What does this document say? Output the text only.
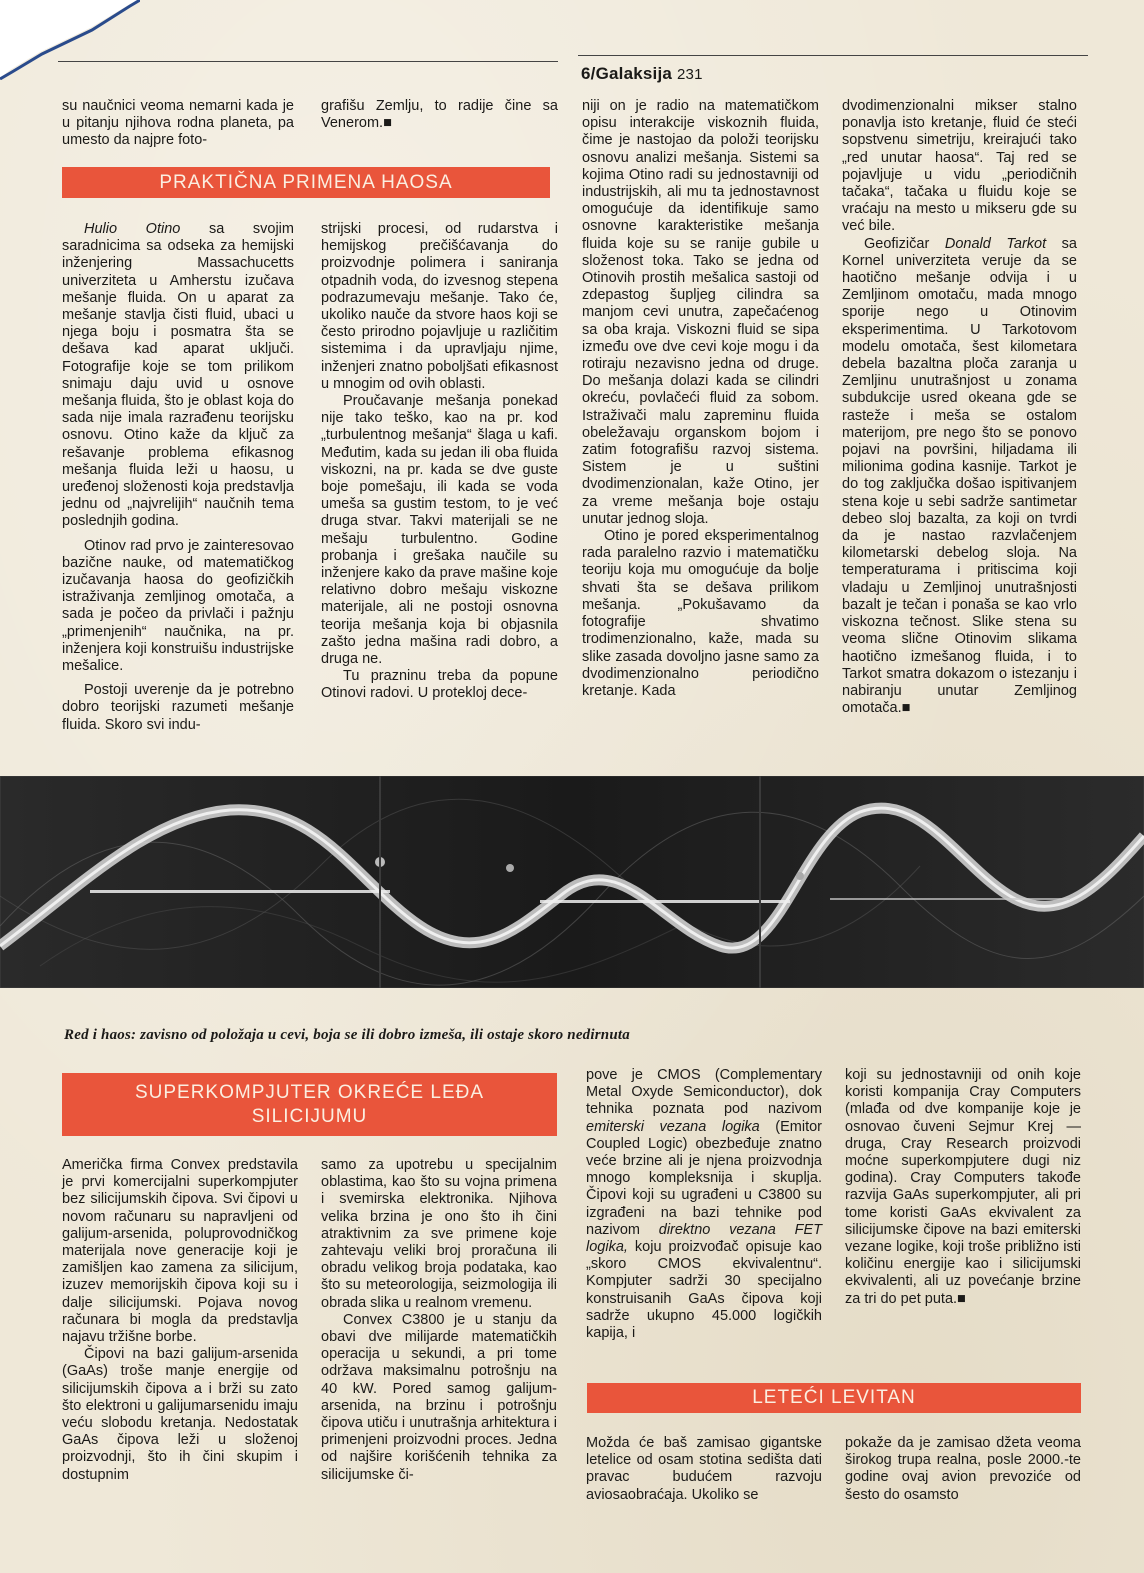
6/Galaksija 231

su naučnici veoma nemarni kada je u pitanju njihova rodna planeta, pa umesto da najpre foto-

grafišu Zemlju, to radije čine sa Venerom.■

PRAKTIČNA PRIMENA HAOSA

Hulio Otino sa svojim saradnicima sa odseka za hemijski inženjering Massachucetts univerziteta u Amherstu izučava mešanje fluida. On u aparat za mešanje stavlja čisti fluid, ubaci u njega boju i posmatra šta se dešava kad aparat uključi. Fotografije koje se tom prilikom snimaju daju uvid u osnove mešanja fluida, što je oblast koja do sada nije imala razrađenu teorijsku osnovu. Otino kaže da ključ za rešavanje problema efikasnog mešanja fluida leži u haosu, u uređenoj složenosti koja predstavlja jednu od „najvrelijih“ naučnih tema poslednjih godina.

Otinov rad prvo je zainteresovao bazične nauke, od matematičkog izučavanja haosa do geofizičkih istraživanja zemljinog omotača, a sada je počeo da privlači i pažnju „primenjenih“ naučnika, na pr. inženjera koji konstruišu industrijske mešalice.

Postoji uverenje da je potrebno dobro teorijski razumeti mešanje fluida. Skoro svi indu-

strijski procesi, od rudarstva i hemijskog prečišćavanja do proizvodnje polimera i saniranja otpadnih voda, do izvesnog stepena podrazumevaju mešanje. Tako će, ukoliko nauče da stvore haos koji se često prirodno pojavljuje u različitim sistemima i da upravljaju njime, inženjeri znatno poboljšati efikasnost u mnogim od ovih oblasti.

Proučavanje mešanja ponekad nije tako teško, kao na pr. kod „turbulentnog mešanja“ šlaga u kafi. Međutim, kada su jedan ili oba fluida viskozni, na pr. kada se dve guste boje pomešaju, ili kada se voda umeša sa gustim testom, to je već druga stvar. Takvi materijali se ne mešaju turbulentno. Godine probanja i grešaka naučile su inženjere kako da prave mašine koje relativno dobro mešaju viskozne materijale, ali ne postoji osnovna teorija mešanja koja bi objasnila zašto jedna mašina radi dobro, a druga ne.

Tu prazninu treba da popune Otinovi radovi. U proteklој decе-

niji on je radio na matematičkom opisu interakcije viskoznih fluida, čime je nastojao da položi teorijsku osnovu analizi mešanja. Sistemi sa kojima Otino radi su jednostavniji od industrijskih, ali mu ta jednostavnost omogućuje da identifikuje samo osnovne karakteristike mešanja fluida koje su se ranije gubile u složenost toka. Tako se jedna od Otinovih prostih mešalica sastoji od zdepastog šupljeg cilindra sa manjom cevi unutra, zapečaćenog sa oba kraja. Viskozni fluid se sipa između ove dve cevi koje mogu i da rotiraju nezavisno jedna od druge. Do mešanja dolazi kada se cilindri okreću, povlačeći fluid za sobom. Istraživači malu zapreminu fluida obeležavaju organskom bojom i zatim fotografišu razvoj sistema. Sistem je u suštini dvodimenzionalan, kaže Otino, jer za vreme mešanja boje ostaju unutar jednog sloja.

Otino je pored eksperimentalnog rada paralelno razvio i matematičku teoriju koja mu omogućuje da bolje shvati šta se dešava prilikom mešanja. „Pokušavamo da fotografije shvatimo trodimenzionalno, kaže, mada su slike zasada dovoljno jasne samo za dvodimenzionalno periodično kretanje. Kada

dvodimenzionalni mikser stalno ponavlja isto kretanje, fluid će steći sopstvenu simetriju, kreirajući tako „red unutar haosa“. Taj red se pojavljuje u vidu „periodičnih tačaka“, tačaka u fluidu koje se vraćaju na mesto u mikseru gde su već bile.

Geofizičar Donald Tarkot sa Kornel univerziteta veruje da se haotično mešanje odvija i u Zemljinom omotaču, mada mnogo sporije nego u Otinovim eksperimentima. U Tarkotovom modelu omotača, šest kilometara debela bazaltna ploča zaranja u Zemljinu unutrašnjost u zonama subdukcije usred okeana gde se rasteže i meša se ostalom materijom, pre nego što se ponovo pojavi na površini, hiljadama ili milionima godina kasnije. Tarkot je do tog zaključka došao ispitivanjem stena koje u sebi sadrže santimetar debeo sloj bazalta, za koji on tvrdi da je nastao razvlačenjem kilometarski debelog sloja. Na temperaturama i pritiscima koji vladaju u Zemljinoj unutrašnjosti bazalt je tečan i ponaša se kao vrlo viskozna tečnost. Slike stena su veoma slične Otinovim slikama haotično izmešanog fluida, i to Tarkot smatra dokazom o istezanju i nabiranju unutar Zemljinog omotača.■

Red i haos: zavisno od položaja u cevi, boja se ili dobro izmeša, ili ostaje skoro nedirnuta
SUPERKOMPJUTER OKREĆE LEĐA
SILICIJUMU

Američka firma Convex predstavila je prvi komercijalni superkompjuter bez silicijumskih čipova. Svi čipovi u novom računaru su napravljeni od galijum-arsenida, poluprovodničkog materijala nove generacije koji je zamišljen kao zamena za silicijum, izuzev memorijskih čipova koji su i dalje silicijumski. Pojava novog računara bi mogla da predstavlja najavu tržišne borbe.

Čipovi na bazi galijum-arsenida (GaAs) troše manje energije od silicijumskih čipova a i brži su zato što elektroni u galijumarsenidu imaju veću slobodu kretanja. Nedostatak GaAs čipova leži u složenoj proizvodnji, što ih čini skupim i dostupnim

samo za upotrebu u specijalnim oblastima, kao što su vojna primena i svemirska elektronika. Njihova velika brzina je ono što ih čini atraktivnim za sve primene koje zahtevaju veliki broj proračuna ili obradu velikog broja podataka, kao što su meteorologija, seizmologija ili obrada slika u realnom vremenu.

Convex C3800 je u stanju da obavi dve milijarde matematičkih operacija u sekundi, a pri tome održava maksimalnu potrošnju na 40 kW. Pored samog galijum-arsenida, na brzinu i potrošnju čipova utiču i unutrašnja arhitektura i primenjeni proizvodni proces. Jedna od najšire korišćenih tehnika za silicijumske či-

pove je CMOS (Complementary Metal Oxyde Semiconductor), dok tehnika poznata pod nazivom emiterski vezana logika (Emitor Coupled Logic) obezbeđuje znatno veće brzine ali je njena proizvodnja mnogo kompleksnija i skuplja. Čipovi koji su ugrađeni u C3800 su izgrađeni na bazi tehnike pod nazivom direktno vezana FET logika, koju proizvođač opisuje kao „skoro CMOS ekvivalentnu“. Kompjuter sadrži 30 specijalno konstruisanih GaAs čipova koji sadrže ukupno 45.000 logičkih kapija, i

koji su jednostavniji od onih koje koristi kompanija Cray Computers (mlađa od dve kompanije koje je osnovao čuveni Sejmur Krej — druga, Cray Research proizvodi moćne superkompjutere dugi niz godina). Cray Computers takođe razvija GaAs superkompjuter, ali pri tome koristi GaAs ekvivalent za silicijumske čipove na bazi emiterski vezane logike, koji troše približno isti količinu energije kao i silicijumski ekvivalenti, ali uz povećanje brzine za tri do pet puta.■

LETEĆI LEVITAN

Možda će baš zamisao gigantske letelice od osam stotina sedišta dati pravac budućem razvoju aviosaobraćaja. Ukoliko se

pokaže da je zamisao džeta veoma širokog trupa realna, posle 2000.-te godine ovaj avion prevoziće od šesto do osamsto
